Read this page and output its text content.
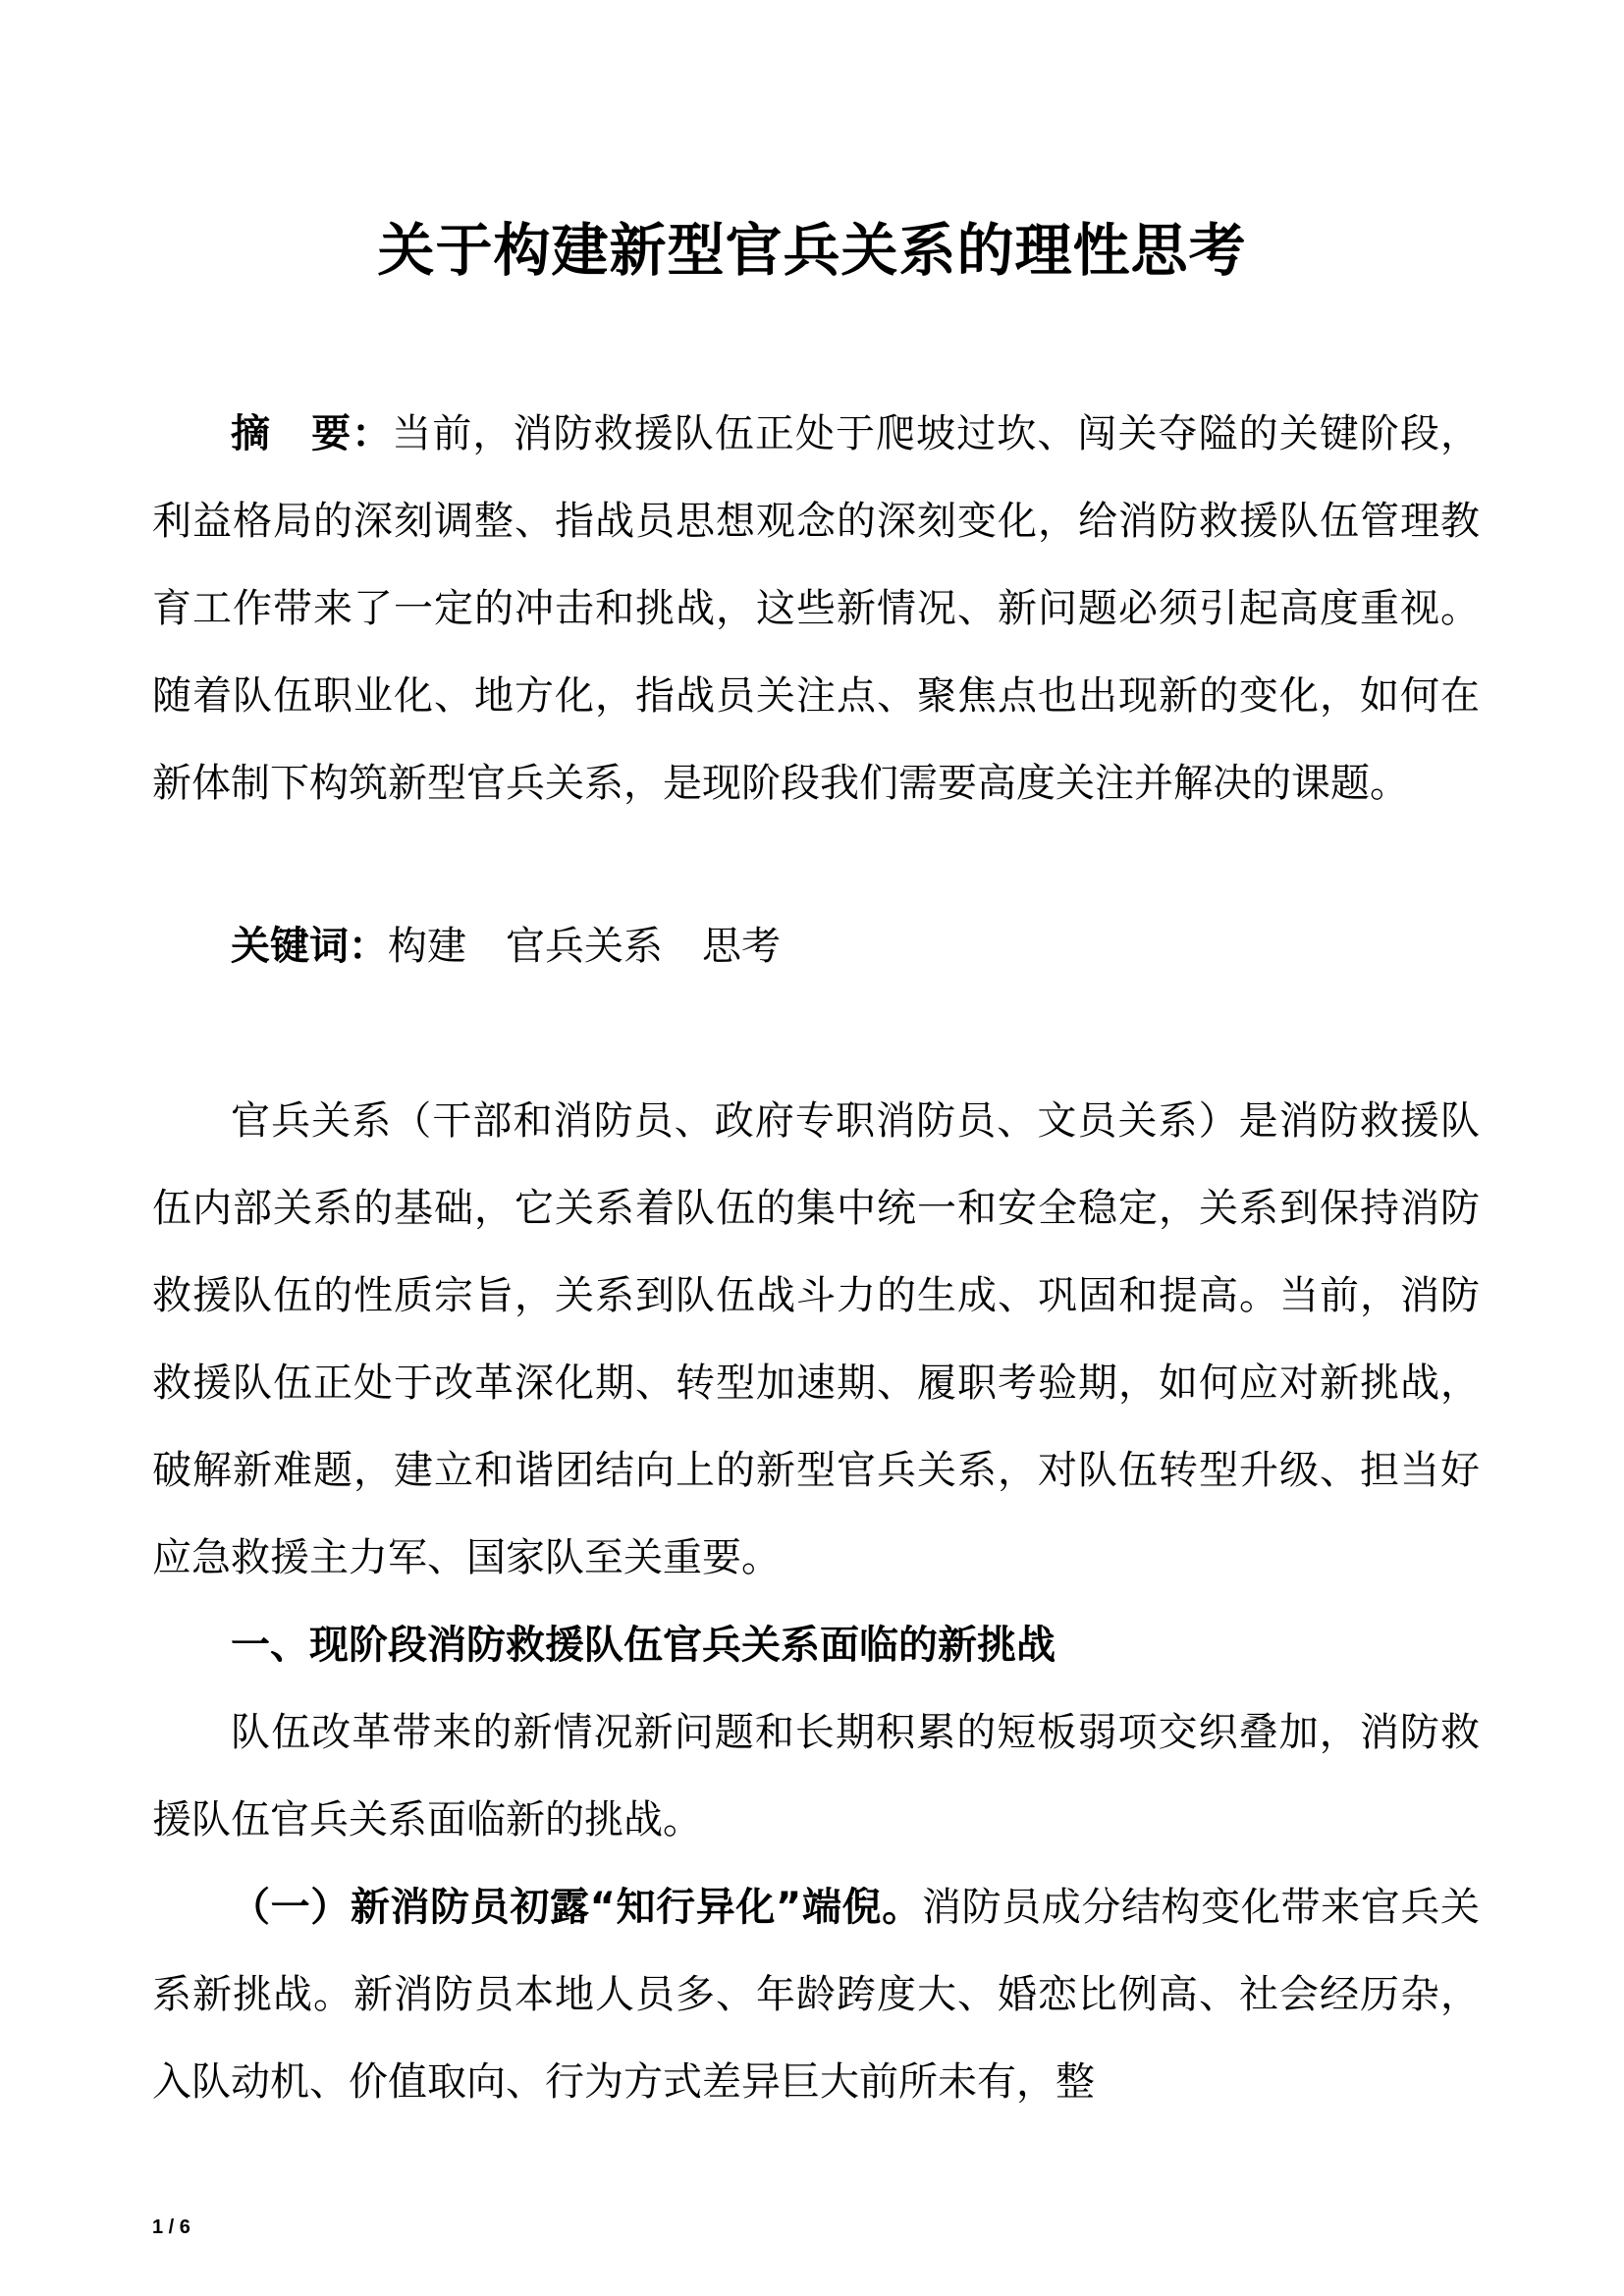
关于构建新型官兵关系的理性思考

摘　要：当前，消防救援队伍正处于爬坡过坎、闯关夺隘的关键阶段，利益格局的深刻调整、指战员思想观念的深刻变化，给消防救援队伍管理教育工作带来了一定的冲击和挑战，这些新情况、新问题必须引起高度重视。随着队伍职业化、地方化，指战员关注点、聚焦点也出现新的变化，如何在新体制下构筑新型官兵关系，是现阶段我们需要高度关注并解决的课题。

关键词：构建 官兵关系 思考

官兵关系（干部和消防员、政府专职消防员、文员关系）是消防救援队伍内部关系的基础，它关系着队伍的集中统一和安全稳定，关系到保持消防救援队伍的性质宗旨，关系到队伍战斗力的生成、巩固和提高。当前，消防救援队伍正处于改革深化期、转型加速期、履职考验期，如何应对新挑战，破解新难题，建立和谐团结向上的新型官兵关系，对队伍转型升级、担当好应急救援主力军、国家队至关重要。

一、现阶段消防救援队伍官兵关系面临的新挑战

队伍改革带来的新情况新问题和长期积累的短板弱项交织叠加，消防救援队伍官兵关系面临新的挑战。

（一）新消防员初露“知行异化”端倪。消防员成分结构变化带来官兵关系新挑战。新消防员本地人员多、年龄跨度大、婚恋比例高、社会经历杂，入队动机、价值取向、行为方式差异巨大前所未有，整

1 / 6
